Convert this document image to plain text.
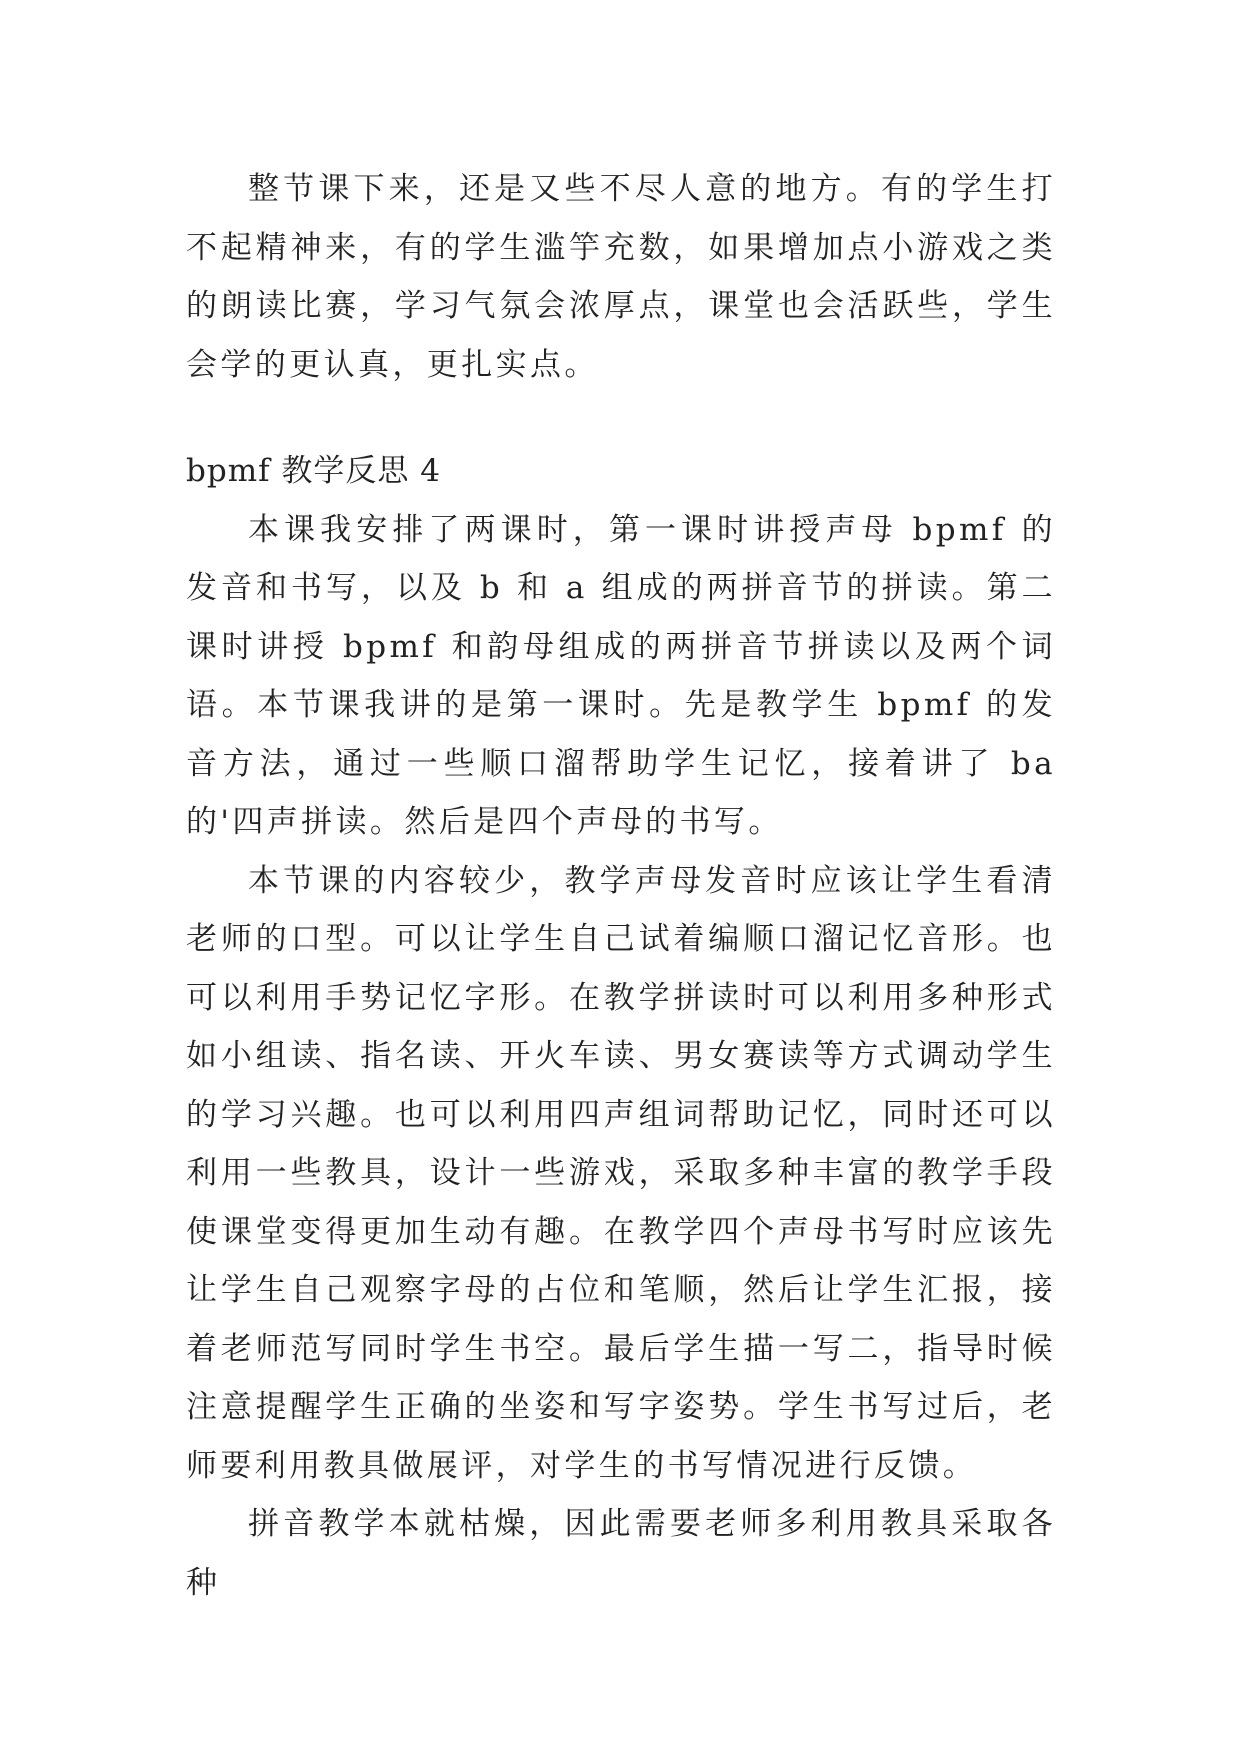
整节课下来，还是又些不尽人意的地方。有的学生打不起精神来，有的学生滥竽充数，如果增加点小游戏之类的朗读比赛，学习气氛会浓厚点，课堂也会活跃些，学生会学的更认真，更扎实点。

bpmf 教学反思 4

本课我安排了两课时，第一课时讲授声母 bpmf 的发音和书写，以及 b 和 a 组成的两拼音节的拼读。第二课时讲授 bpmf 和韵母组成的两拼音节拼读以及两个词语。本节课我讲的是第一课时。先是教学生 bpmf 的发音方法，通过一些顺口溜帮助学生记忆，接着讲了 ba 的'四声拼读。然后是四个声母的书写。

本节课的内容较少，教学声母发音时应该让学生看清老师的口型。可以让学生自己试着编顺口溜记忆音形。也可以利用手势记忆字形。在教学拼读时可以利用多种形式如小组读、指名读、开火车读、男女赛读等方式调动学生的学习兴趣。也可以利用四声组词帮助记忆，同时还可以利用一些教具，设计一些游戏，采取多种丰富的教学手段使课堂变得更加生动有趣。在教学四个声母书写时应该先让学生自己观察字母的占位和笔顺，然后让学生汇报，接着老师范写同时学生书空。最后学生描一写二，指导时候注意提醒学生正确的坐姿和写字姿势。学生书写过后，老师要利用教具做展评，对学生的书写情况进行反馈。

拼音教学本就枯燥，因此需要老师多利用教具采取各种
